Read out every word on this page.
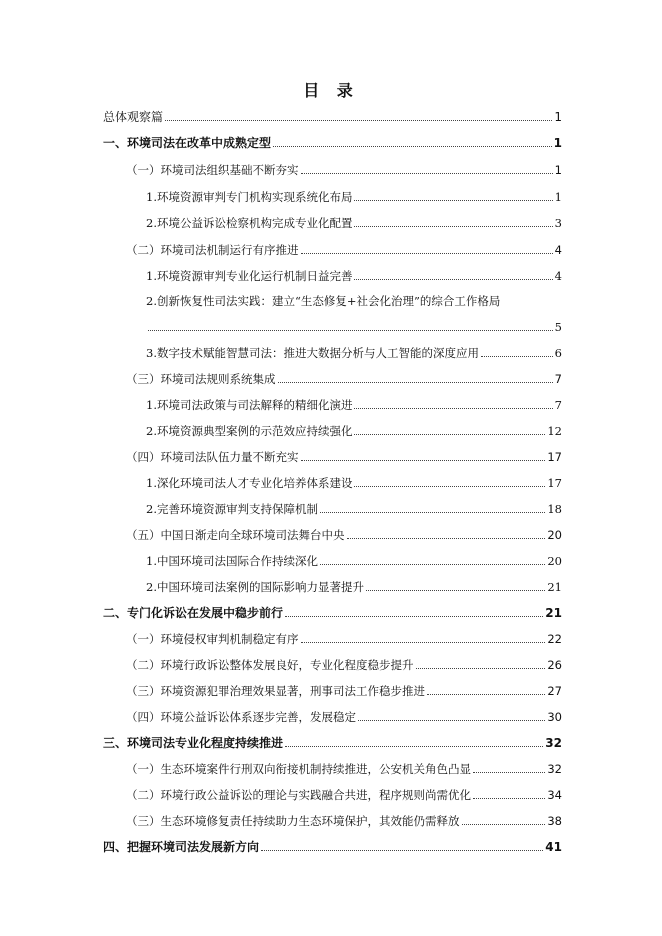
目 录
总体观察篇	1
一、环境司法在改革中成熟定型	1
（一）环境司法组织基础不断夯实	1
1.环境资源审判专门机构实现系统化布局	1
2.环境公益诉讼检察机构完成专业化配置	3
（二）环境司法机制运行有序推进	4
1.环境资源审判专业化运行机制日益完善	4
2.创新恢复性司法实践：建立“生态修复+社会化治理”的综合工作格局
5
3.数字技术赋能智慧司法：推进大数据分析与人工智能的深度应用	6
（三）环境司法规则系统集成	7
1.环境司法政策与司法解释的精细化演进	7
2.环境资源典型案例的示范效应持续强化	12
（四）环境司法队伍力量不断充实	17
1.深化环境司法人才专业化培养体系建设	17
2.完善环境资源审判支持保障机制	18
（五）中国日渐走向全球环境司法舞台中央	20
1.中国环境司法国际合作持续深化	20
2.中国环境司法案例的国际影响力显著提升	21
二、专门化诉讼在发展中稳步前行	21
（一）环境侵权审判机制稳定有序	22
（二）环境行政诉讼整体发展良好，专业化程度稳步提升	26
（三）环境资源犯罪治理效果显著，刑事司法工作稳步推进	27
（四）环境公益诉讼体系逐步完善，发展稳定	30
三、环境司法专业化程度持续推进	32
（一）生态环境案件行刑双向衔接机制持续推进，公安机关角色凸显	32
（二）环境行政公益诉讼的理论与实践融合共进，程序规则尚需优化	34
（三）生态环境修复责任持续助力生态环境保护，其效能仍需释放	38
四、把握环境司法发展新方向	41
